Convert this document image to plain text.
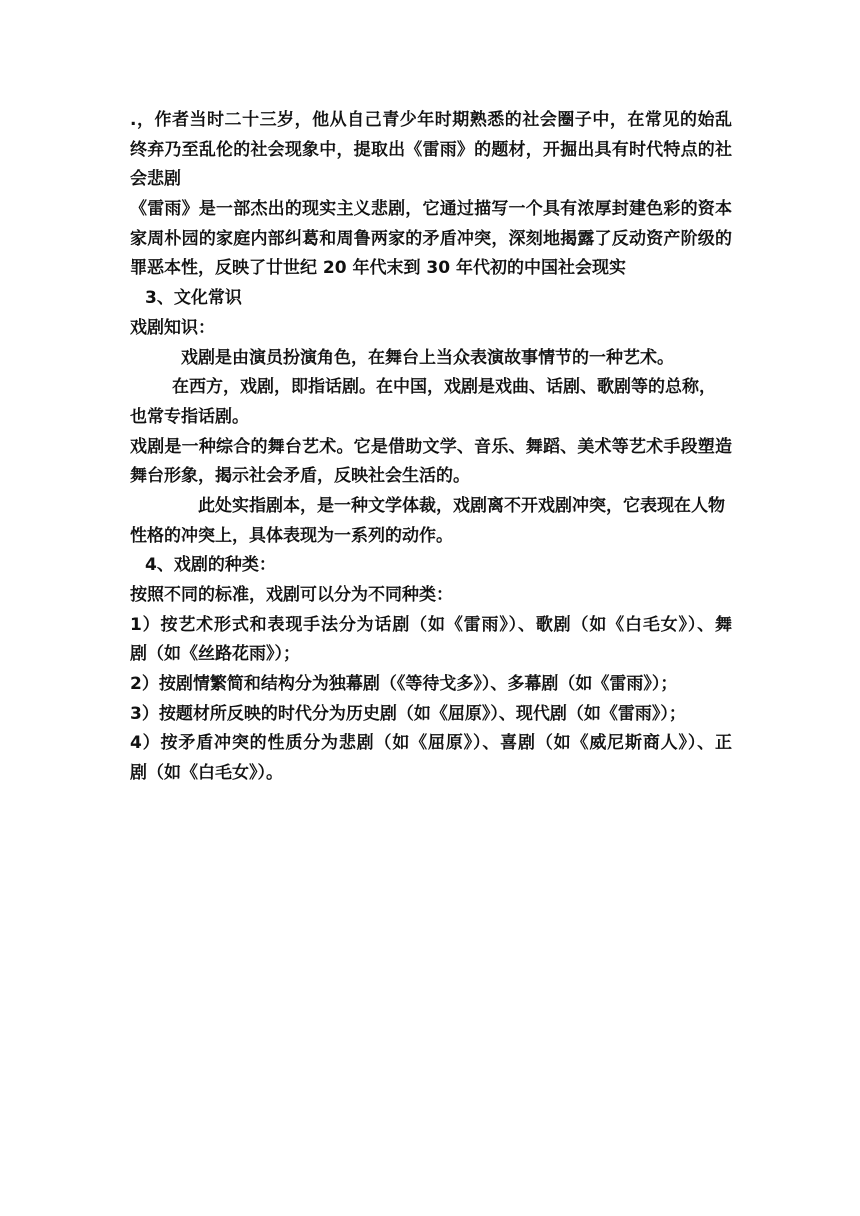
.，作者当时二十三岁，他从自己青少年时期熟悉的社会圈子中，在常见的始乱
终弃乃至乱伦的社会现象中，提取出《雷雨》的题材，开掘出具有时代特点的社
会悲剧
《雷雨》是一部杰出的现实主义悲剧，它通过描写一个具有浓厚封建色彩的资本
家周朴园的家庭内部纠葛和周鲁两家的矛盾冲突，深刻地揭露了反动资产阶级的
罪恶本性，反映了廿世纪 20 年代末到 30 年代初的中国社会现实
3、文化常识
戏剧知识：
戏剧是由演员扮演角色，在舞台上当众表演故事情节的一种艺术。
在西方，戏剧，即指话剧。在中国，戏剧是戏曲、话剧、歌剧等的总称，
也常专指话剧。
戏剧是一种综合的舞台艺术。它是借助文学、音乐、舞蹈、美术等艺术手段塑造
舞台形象，揭示社会矛盾，反映社会生活的。
此处实指剧本，是一种文学体裁，戏剧离不开戏剧冲突，它表现在人物
性格的冲突上，具体表现为一系列的动作。
4、戏剧的种类：
按照不同的标准，戏剧可以分为不同种类：
1）按艺术形式和表现手法分为话剧（如《雷雨》）、歌剧（如《白毛女》）、舞
剧（如《丝路花雨》）；
2）按剧情繁简和结构分为独幕剧（《等待戈多》）、多幕剧（如《雷雨》）；
3）按题材所反映的时代分为历史剧（如《屈原》）、现代剧（如《雷雨》）；
4）按矛盾冲突的性质分为悲剧（如《屈原》）、喜剧（如《威尼斯商人》）、正
剧（如《白毛女》）。
